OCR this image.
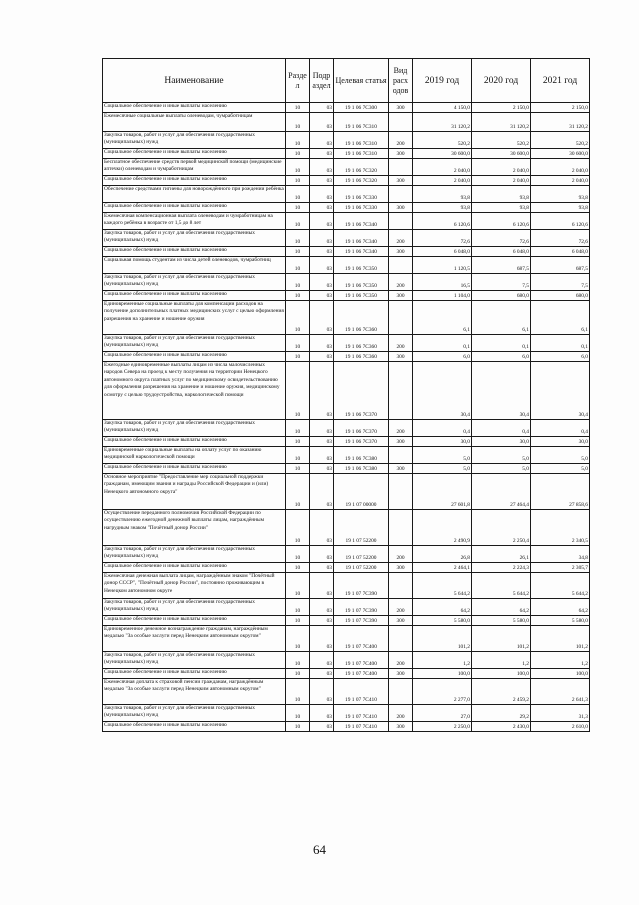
Наименование	Разде л	Подр аздел	Целевая статья	Вид расх одов	2019 год	2020 год	2021 год
Социальное обеспечение и иные выплаты населению	10	03	19 1 06 7С300	300	4 150,0	2 150,0	2 150,0
Ежемесячные социальные выплаты оленеводам, чумработницам	10	03	19 1 06 7С310		31 120,2	31 120,2	31 120,2
Закупка товаров, работ и услуг для обеспечения государственных (муниципальных) нужд	10	03	19 1 06 7С310	200	520,2	520,2	520,2
Социальное обеспечение и иные выплаты населению	10	03	19 1 06 7С310	300	30 600,0	30 600,0	30 600,0
Бесплатное обеспечение средств первой медицинской помощи (медицинские аптечки) оленеводам и чумработницам	10	03	19 1 06 7С320		2 040,0	2 040,0	2 040,0
Социальное обеспечение и иные выплаты населению	10	03	19 1 06 7С320	300	2 040,0	2 040,0	2 040,0
Обеспечение средствами гигиены для новорождённого при рождении ребёнка	10	03	19 1 06 7С330		93,8	93,8	93,8
Социальное обеспечение и иные выплаты населению	10	03	19 1 06 7С330	300	93,8	93,8	93,8
Ежемесячная компенсационная выплата оленеводам и чумработницам на каждого ребёнка в возрасте от 1,5 до 8 лет	10	03	19 1 06 7С340		6 120,6	6 120,6	6 120,6
Закупка товаров, работ и услуг для обеспечения государственных (муниципальных) нужд	10	03	19 1 06 7С340	200	72,6	72,6	72,6
Социальное обеспечение и иные выплаты населению	10	03	19 1 06 7С340	300	6 048,0	6 048,0	6 048,0
Социальная помощь студентам из числа детей оленеводов, чумработниц	10	03	19 1 06 7С350		1 120,5	687,5	687,5
Закупка товаров, работ и услуг для обеспечения государственных (муниципальных) нужд	10	03	19 1 06 7С350	200	16,5	7,5	7,5
Социальное обеспечение и иные выплаты населению	10	03	19 1 06 7С350	300	1 104,0	680,0	680,0
Единовременные социальные выплаты для компенсации расходов на получение дополнительных платных медицинских услуг с целью оформления разрешения на хранение и ношение оружия	10	03	19 1 06 7С360		6,1	6,1	6,1
Закупка товаров, работ и услуг для обеспечения государственных (муниципальных) нужд	10	03	19 1 06 7С360	200	0,1	0,1	0,1
Социальное обеспечение и иные выплаты населению	10	03	19 1 06 7С360	300	6,0	6,0	6,0
Ежегодные единовременные выплаты лицам из числа малочисленных народов Севера на проезд к месту получения на территории Ненецкого автономного округа платных услуг по медицинскому освидетельствованию для оформления разрешения на хранение и ношение оружия, медицинскому осмотру с целью трудоустройства, наркологической помощи	10	03	19 1 06 7С370		30,4	30,4	30,4
Закупка товаров, работ и услуг для обеспечения государственных (муниципальных) нужд	10	03	19 1 06 7С370	200	0,4	0,4	0,4
Социальное обеспечение и иные выплаты населению	10	03	19 1 06 7С370	300	30,0	30,0	30,0
Единовременные социальные выплаты на оплату услуг по оказанию медицинской наркологической помощи	10	03	19 1 06 7С380		5,0	5,0	5,0
Социальное обеспечение и иные выплаты населению	10	03	19 1 06 7С380	300	5,0	5,0	5,0
Основное мероприятие "Предоставление мер социальной поддержки гражданам, имеющим звания и награды Российской Федерации и (или) Ненецкого автономного округа"	10	03	19 1 07 00000		27 601,8	27 464,4	27 858,6
Осуществление переданного полномочия Российской Федерации по осуществлению ежегодной денежной выплаты лицам, награждённым нагрудным знаком "Почётный донор России"	10	03	19 1 07 52200		2 490,9	2 250,4	2 340,5
Закупка товаров, работ и услуг для обеспечения государственных (муниципальных) нужд	10	03	19 1 07 52200	200	26,8	26,1	34,8
Социальное обеспечение и иные выплаты населению	10	03	19 1 07 52200	300	2 464,1	2 224,3	2 305,7
Ежемесячная денежная выплата лицам, награждённым знаком "Почётный донор СССР", "Почётный донор России", постоянно проживающим в Ненецком автономном округе	10	03	19 1 07 7С390		5 644,2	5 644,2	5 644,2
Закупка товаров, работ и услуг для обеспечения государственных (муниципальных) нужд	10	03	19 1 07 7С390	200	64,2	64,2	64,2
Социальное обеспечение и иные выплаты населению	10	03	19 1 07 7С390	300	5 580,0	5 580,0	5 580,0
Единовременное денежное вознаграждение гражданам, награждённым медалью "За особые заслуги перед Ненецким автономным округом"	10	03	19 1 07 7С400		101,2	101,2	101,2
Закупка товаров, работ и услуг для обеспечения государственных (муниципальных) нужд	10	03	19 1 07 7С400	200	1,2	1,2	1,2
Социальное обеспечение и иные выплаты населению	10	03	19 1 07 7С400	300	100,0	100,0	100,0
Ежемесячная доплата к страховой пенсии гражданам, награждённым медалью "За особые заслуги перед Ненецким автономным округом"	10	03	19 1 07 7С410		2 277,0	2 459,2	2 641,3
Закупка товаров, работ и услуг для обеспечения государственных (муниципальных) нужд	10	03	19 1 07 7С410	200	27,0	29,2	31,3
Социальное обеспечение и иные выплаты населению	10	03	19 1 07 7С410	300	2 250,0	2 430,0	2 610,0
64
